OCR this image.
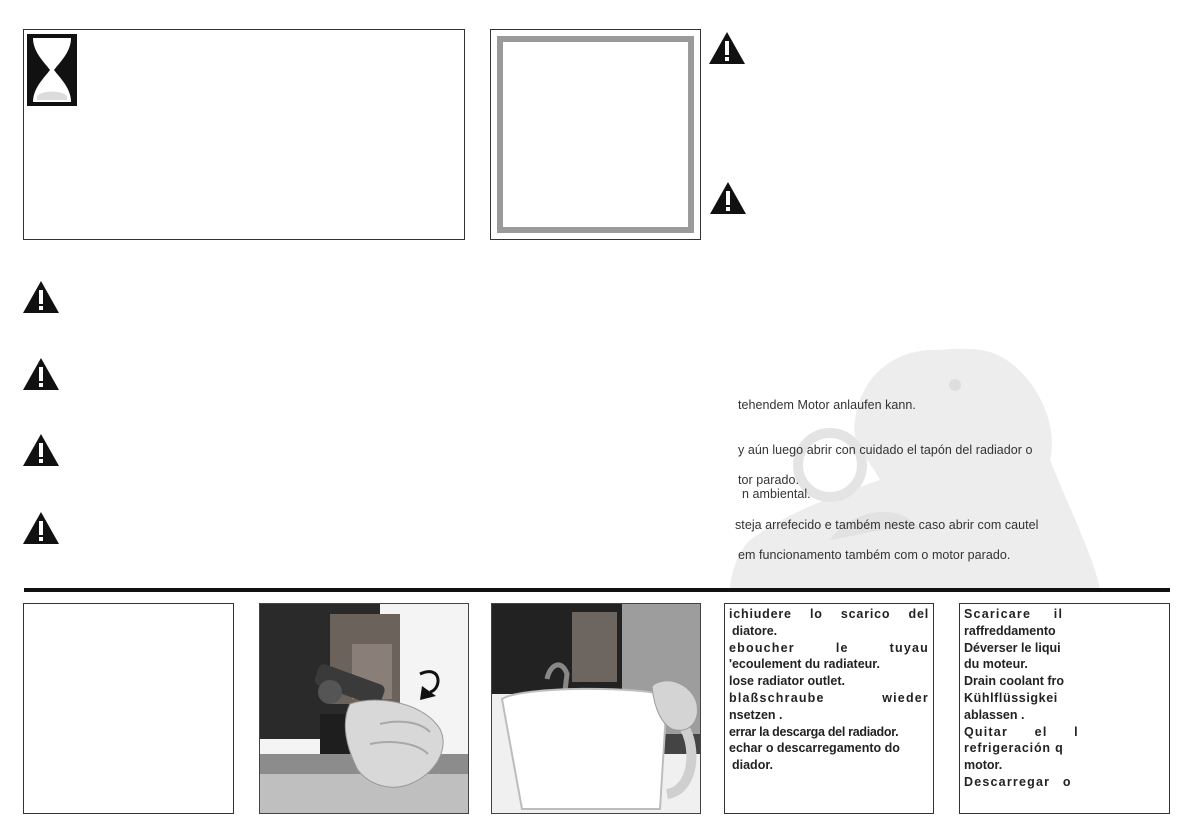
tehendem Motor anlaufen kann.
y aún luego abrir con cuidado el tapón del radiador o
tor parado.
n ambiental.
steja arrefecido e também neste caso abrir com cautel
em funcionamento também com o motor parado.
ichiudere lo scarico del
diatore.
eboucher le tuyau
'ecoulement du radiateur.
lose radiator outlet.
blaßschraube wieder
nsetzen .
errar la descarga del radiador.
echar o descarregamento do
diador.
Scaricare il
raffreddamento
Déverser le liqui
du moteur.
Drain coolant fro
Kühlflüssigkei
ablassen .
Quitar el l
refrigeración q
motor.
Descarregar o
